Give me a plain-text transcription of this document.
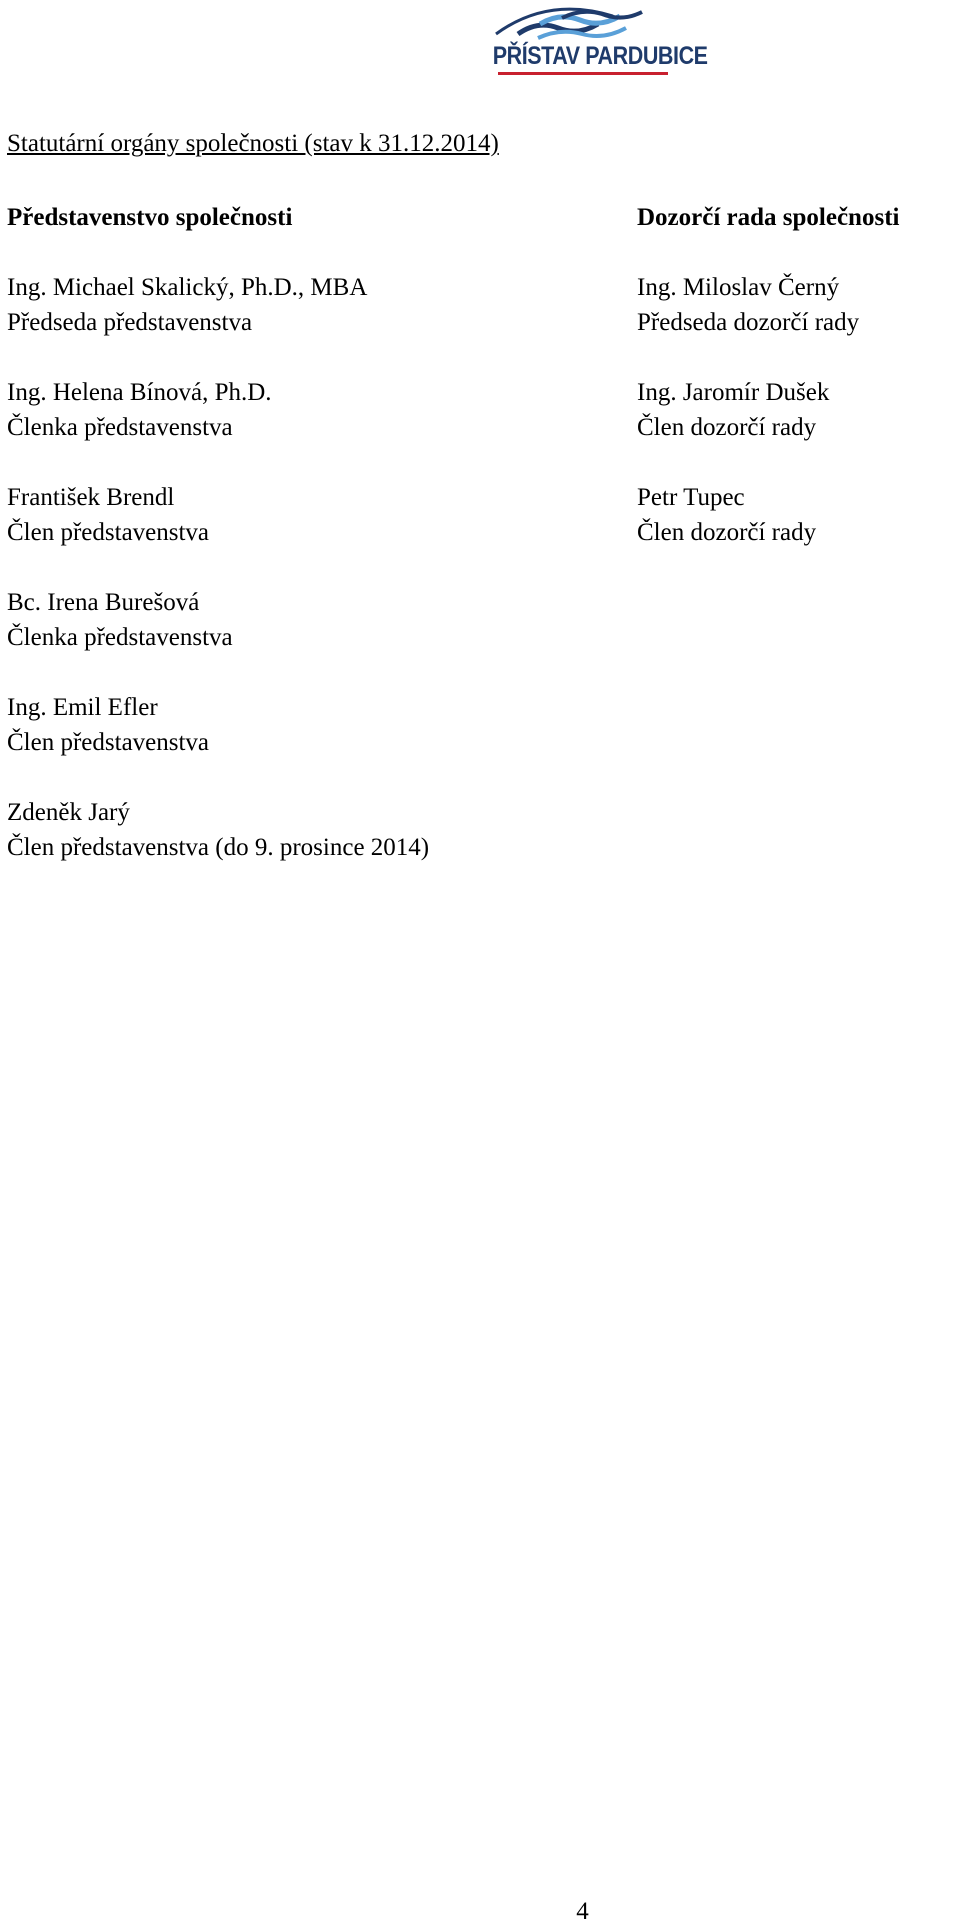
PŘÍSTAV PARDUBICE
Statutární orgány společnosti (stav k 31.12.2014)
Představenstvo společnosti
Ing. Michael Skalický, Ph.D., MBA
Předseda představenstva
Ing. Helena Bínová, Ph.D.
Členka představenstva
František Brendl
Člen představenstva
Bc. Irena Burešová
Členka představenstva
Ing. Emil Efler
Člen představenstva
Zdeněk Jarý
Člen představenstva (do 9. prosince 2014)
Dozorčí rada společnosti
Ing. Miloslav Černý
Předseda dozorčí rady
Ing. Jaromír Dušek
Člen dozorčí rady
Petr Tupec
Člen dozorčí rady
4
